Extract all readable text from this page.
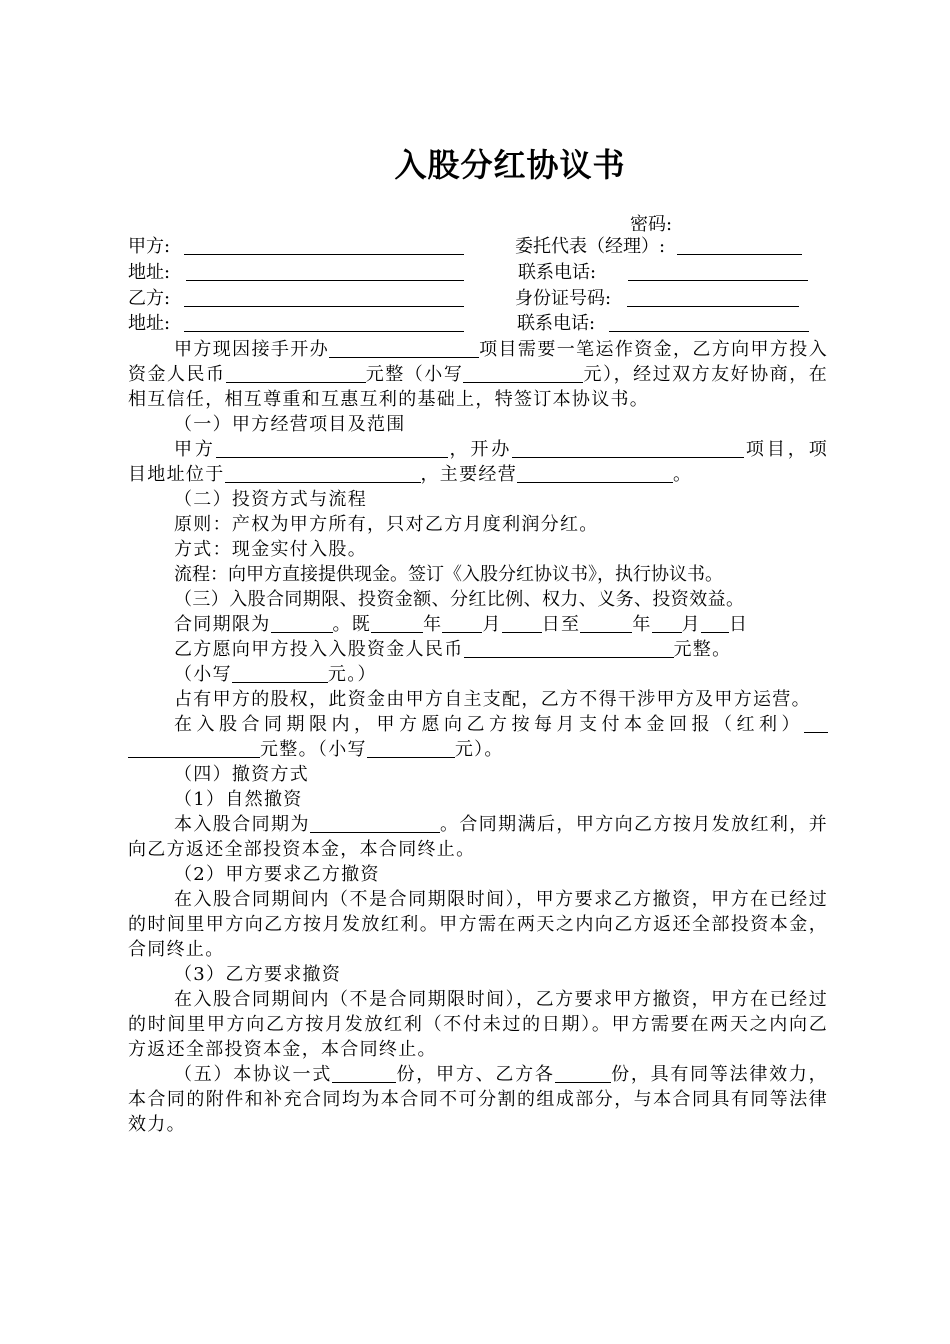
入股分红协议书
密码:
甲方:	委托代表（经理）:
地址:	联系电话:
乙方:	身份证号码:
地址:	联系电话:

甲方现因接手开办	项目需要一笔运作资金，乙方向甲方投入资金人民币	元整（小写	元），经过双方友好协商，在相互信任，相互尊重和互惠互利的基础上，特签订本协议书。

（一）甲方经营项目及范围

甲方	，开办	项目，项目地址位于	，主要经营	。

（二）投资方式与流程

原则：产权为甲方所有，只对乙方月度利润分红。

方式：现金实付入股。

流程：向甲方直接提供现金。签订《入股分红协议书》，执行协议书。

（三）入股合同期限、投资金额、分红比例、权力、义务、投资效益。

合同期限为	。既	年 月 日至	年 月 日

乙方愿向甲方投入入股资金人民币	元整。

（小写	元。）

占有甲方的股权，此资金由甲方自主支配，乙方不得干涉甲方及甲方运营。

在入股合同期限内，甲方愿向乙方按每月支付本金回报（红利）元整。（小写	元）。

（四）撤资方式

（1）自然撤资

本入股合同期为	。合同期满后，甲方向乙方按月发放红利，并向乙方返还全部投资本金，本合同终止。

（2）甲方要求乙方撤资

在入股合同期间内（不是合同期限时间），甲方要求乙方撤资，甲方在已经过的时间里甲方向乙方按月发放红利。甲方需在两天之内向乙方返还全部投资本金，合同终止。

（3）乙方要求撤资

在入股合同期间内（不是合同期限时间），乙方要求甲方撤资，甲方在已经过的时间里甲方向乙方按月发放红利（不付未过的日期）。甲方需要在两天之内向乙方返还全部投资本金，本合同终止。

（五）本协议一式	份，甲方、乙方各	份，具有同等法律效力，本合同的附件和补充合同均为本合同不可分割的组成部分，与本合同具有同等法律效力。
